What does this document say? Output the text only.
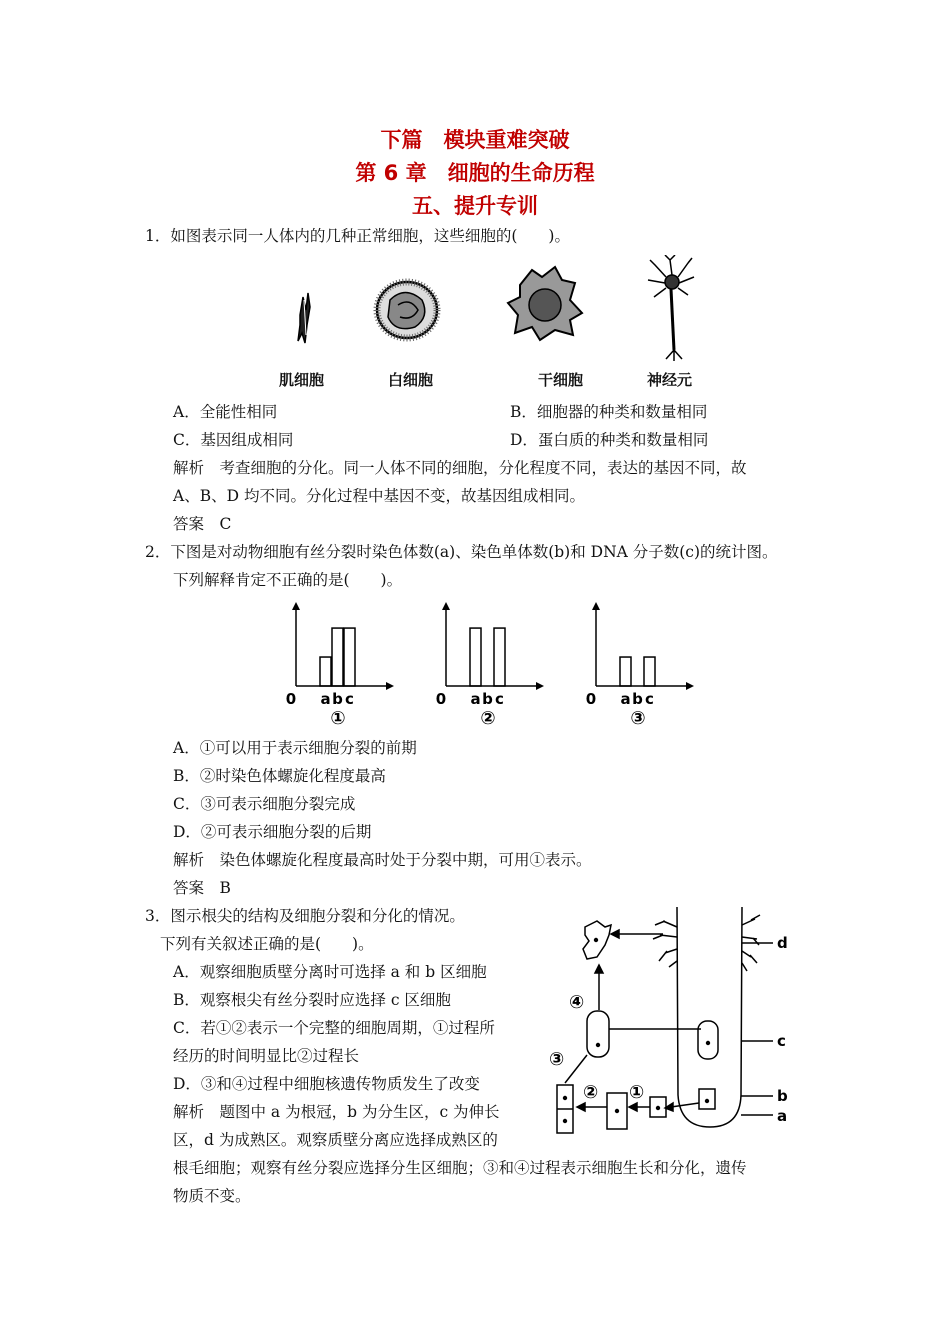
下篇　模块重难突破
第 6 章　细胞的生命历程
五、提升专训
1．如图表示同一人体内的几种正常细胞，这些细胞的(　　)。
肌细胞	白细胞	干细胞	神经元
A．全能性相同	B．细胞器的种类和数量相同
C．基因组成相同	D．蛋白质的种类和数量相同
解析　考查细胞的分化。同一人体不同的细胞，分化程度不同，表达的基因不同，故
A、B、D 均不同。分化过程中基因不变，故基因组成相同。
答案　C
2．下图是对动物细胞有丝分裂时染色体数(a)、染色单体数(b)和 DNA 分子数(c)的统计图。
下列解释肯定不正确的是(　　)。
0 a b c
①
0 a b c
②
0 a b c
③
A．①可以用于表示细胞分裂的前期
B．②时染色体螺旋化程度最高
C．③可表示细胞分裂完成
D．②可表示细胞分裂的后期
解析　染色体螺旋化程度最高时处于分裂中期，可用①表示。
答案　B
3．图示根尖的结构及细胞分裂和分化的情况。
下列有关叙述正确的是(　　)。
A．观察细胞质壁分离时可选择 a 和 b 区细胞
B．观察根尖有丝分裂时应选择 c 区细胞
C．若①②表示一个完整的细胞周期，①过程所
经历的时间明显比②过程长
D．③和④过程中细胞核遗传物质发生了改变
解析　题图中 a 为根冠，b 为分生区，c 为伸长
区，d 为成熟区。观察质壁分离应选择成熟区的
根毛细胞；观察有丝分裂应选择分生区细胞；③和④过程表示细胞生长和分化，遗传
物质不变。
d
c
b
a
④
③
② ①
